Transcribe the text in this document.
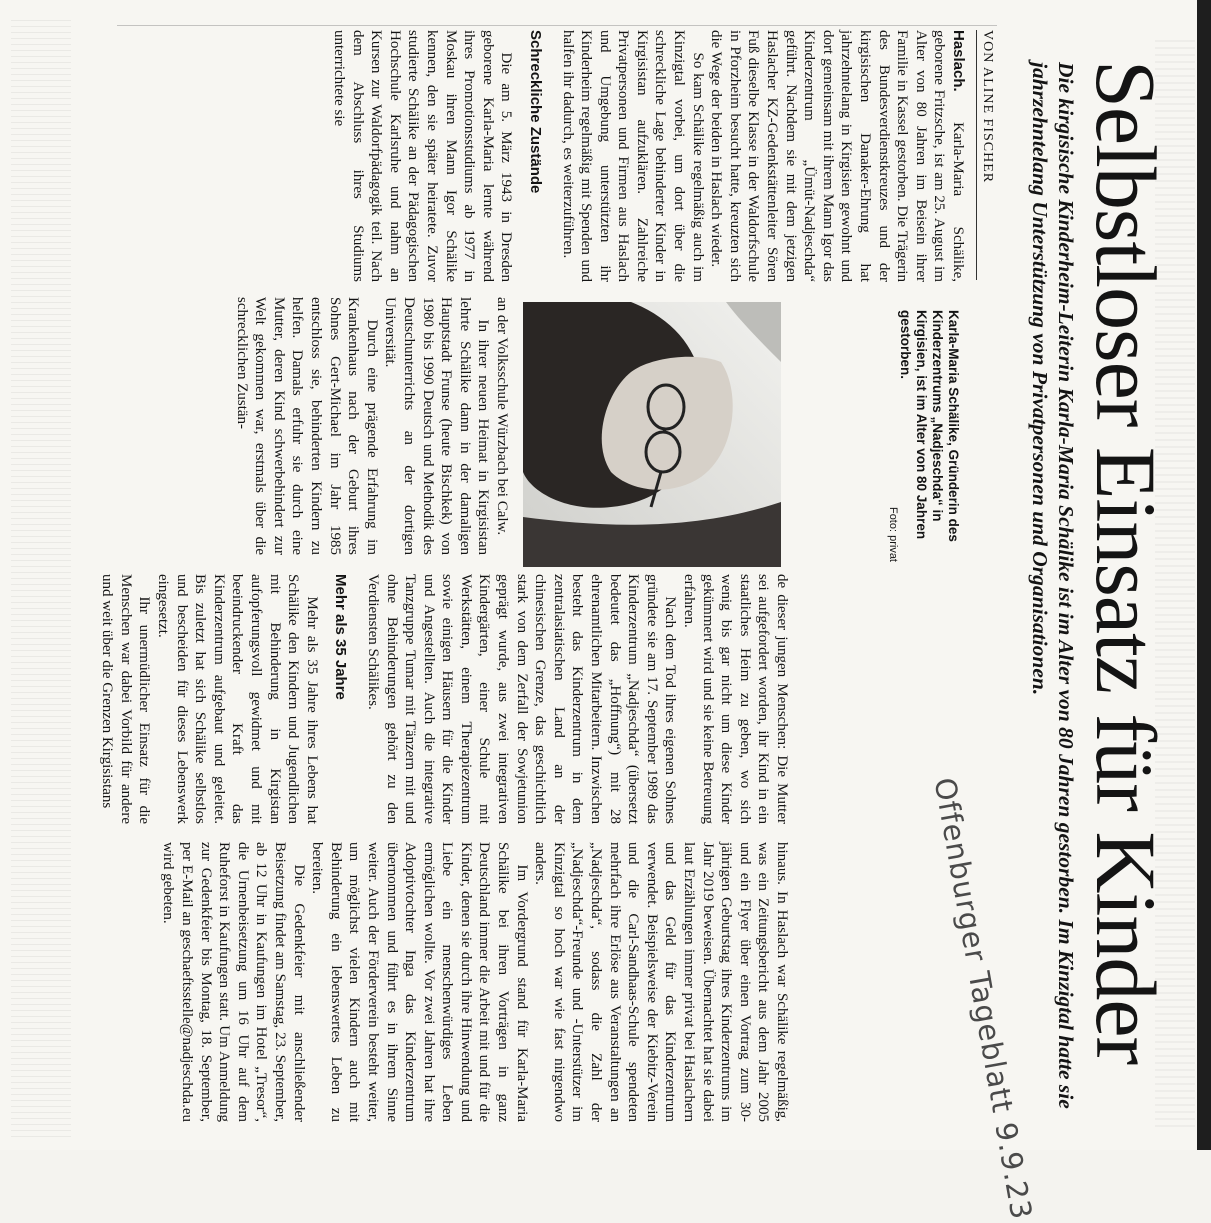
Selbstloser Einsatz für Kinder
Die kirgisische Kinderheim-Leiterin Karla-Maria Schälike ist im Alter von 80 Jahren gestorben. Im Kinzigtal hatte sie jahrzehntelang Unterstützung von Privatpersonen und Organisationen.
VON ALINE FISCHER

Haslach. Karla-Maria Schälike, geborene Fritzsche, ist am 25. August im Alter von 80 Jahren im Beisein ihrer Familie in Kassel gestorben. Die Trägerin des Bundesverdienstkreuzes und der kirgisischen Danaker-Ehrung hat jahrzehntelang in Kirgisien gewohnt und dort gemeinsam mit ihrem Mann Igor das Kinderzentrum „Ümüt-Nadjeschda“ geführt. Nachdem sie mit dem jetzigen Haslacher KZ-Gedenkstättenleiter Sören Fuß dieselbe Klasse in der Waldorfschule in Pforzheim besucht hatte, kreuzten sich die Wege der beiden in Haslach wieder.

So kam Schälike regelmäßig auch im Kinzigtal vorbei, um dort über die schreckliche Lage behinderter Kinder in Kirgisistan aufzuklären. Zahlreiche Privatpersonen und Firmen aus Haslach und Umgebung unterstützten ihr Kinderheim regelmäßig mit Spenden und halfen ihr dadurch, es weiterzuführen.

Schreckliche Zustände

Die am 5. März 1943 in Dresden geborene Karla-Maria lernte während ihres Promotionsstudiums ab 1977 in Moskau ihren Mann Igor Schälike kennen, den sie später heiratete. Zuvor studierte Schälike an der Pädagogischen Hochschule Karlsruhe und nahm an Kursen zur Waldorfpädagogik teil. Nach dem Abschluss ihres Studiums unterrichtete sie

Karla-Maria Schälike, Gründerin des Kinderzentrums „Nadjeschda“ in Kirgisien, ist im Alter von 80 Jahren gestorben.
Foto: privat

an der Volksschule Würzbach bei Calw.

In ihrer neuen Heimat in Kirgisistan lehrte Schälike dann in der damaligen Hauptstadt Frunse (heute Bischkek) von 1980 bis 1990 Deutsch und Methodik des Deutschunterrichts an der dortigen Universität.

Durch eine prägende Erfahrung im Krankenhaus nach der Geburt ihres Sohnes Gert-Michael im Jahr 1985 entschloss sie, behinderten Kindern zu helfen. Damals erfuhr sie durch eine Mutter, deren Kind schwerbehindert zur Welt gekommen war, erstmals über die schrecklichen Zustän-

de dieser jungen Menschen: Die Mutter sei aufgefordert worden, ihr Kind in ein staatliches Heim zu geben, wo sich wenig bis gar nicht um diese Kinder gekümmert wird und sie keine Betreuung erfahren.

Nach dem Tod ihres eigenen Sohnes gründete sie am 17. September 1989 das Kinderzentrum „Nadjeschda“ (übersetzt bedeutet das „Hoffnung“) mit 28 ehrenamtlichen Mitarbeitern. Inzwischen besteht das Kinderzentrum in dem zentralasiatischen Land an der chinesischen Grenze, das geschichtlich stark von dem Zerfall der Sowjetunion geprägt wurde, aus zwei integrativen Kindergärten, einer Schule mit Werkstätten, einem Therapiezentrum sowie einigen Häusern für die Kinder und Angestellten. Auch die integrative Tanzgruppe Tumar mit Tänzern mit und ohne Behinderungen gehört zu den Verdiensten Schälikes.

Mehr als 35 Jahre

Mehr als 35 Jahre ihres Lebens hat Schälike den Kindern und Jugendlichen mit Behinderung in Kirgistan aufopferungsvoll gewidmet und mit beeindruckender Kraft das Kinderzentrum aufgebaut und geleitet. Bis zuletzt hat sich Schälike selbstlos und bescheiden für dieses Lebenswerk eingesetzt.

Ihr unermüdlicher Einsatz für die Menschen war dabei Vorbild für andere und weit über die Grenzen Kirgisistans

Offenburger Tageblatt 9.9.23

hinaus. In Haslach war Schälike regelmäßig, was ein Zeitungsbericht aus dem Jahr 2005 und ein Flyer über einen Vortrag zum 30-jährigen Geburtstag ihres Kinderzentrums im Jahr 2019 beweisen. Übernachtet hat sie dabei laut Erzählungen immer privat bei Haslachern und das Geld für das Kinderzentrum verwendet. Beispielsweise der Kiebitz-Verein und die Carl-Sandhaas-Schule spendeten mehrfach ihre Erlöse aus Veranstaltungen an „Nadjeschda“, sodass die Zahl der „Nadjeschda“-Freunde und -Unterstützer im Kinzigtal so hoch war wie fast nirgendwo anders.

Im Vordergrund stand für Karla-Maria Schälike bei ihren Vorträgen in ganz Deutschland immer die Arbeit mit und für die Kinder, denen sie durch ihre Hinwendung und Liebe ein menschenwürdiges Leben ermöglichen wollte. Vor zwei Jahren hat ihre Adoptivtochter Inga das Kinderzentrum übernommen und führt es in ihrem Sinne weiter. Auch der Förderverein besteht weiter, um möglichst vielen Kindern auch mit Behinderung ein lebenswertes Leben zu bereiten.

Die Gedenkfeier mit anschließender Beisetzung findet am Samstag, 23. September, ab 12 Uhr in Kaufungen im Hotel „Tresor“, die Urnenbeisetzung um 16 Uhr auf dem Ruheforst in Kaufungen statt. Um Anmeldung zur Gedenkfeier bis Montag, 18. September, per E-Mail an geschaeftsstelle@nadjeschda.eu wird gebeten.
